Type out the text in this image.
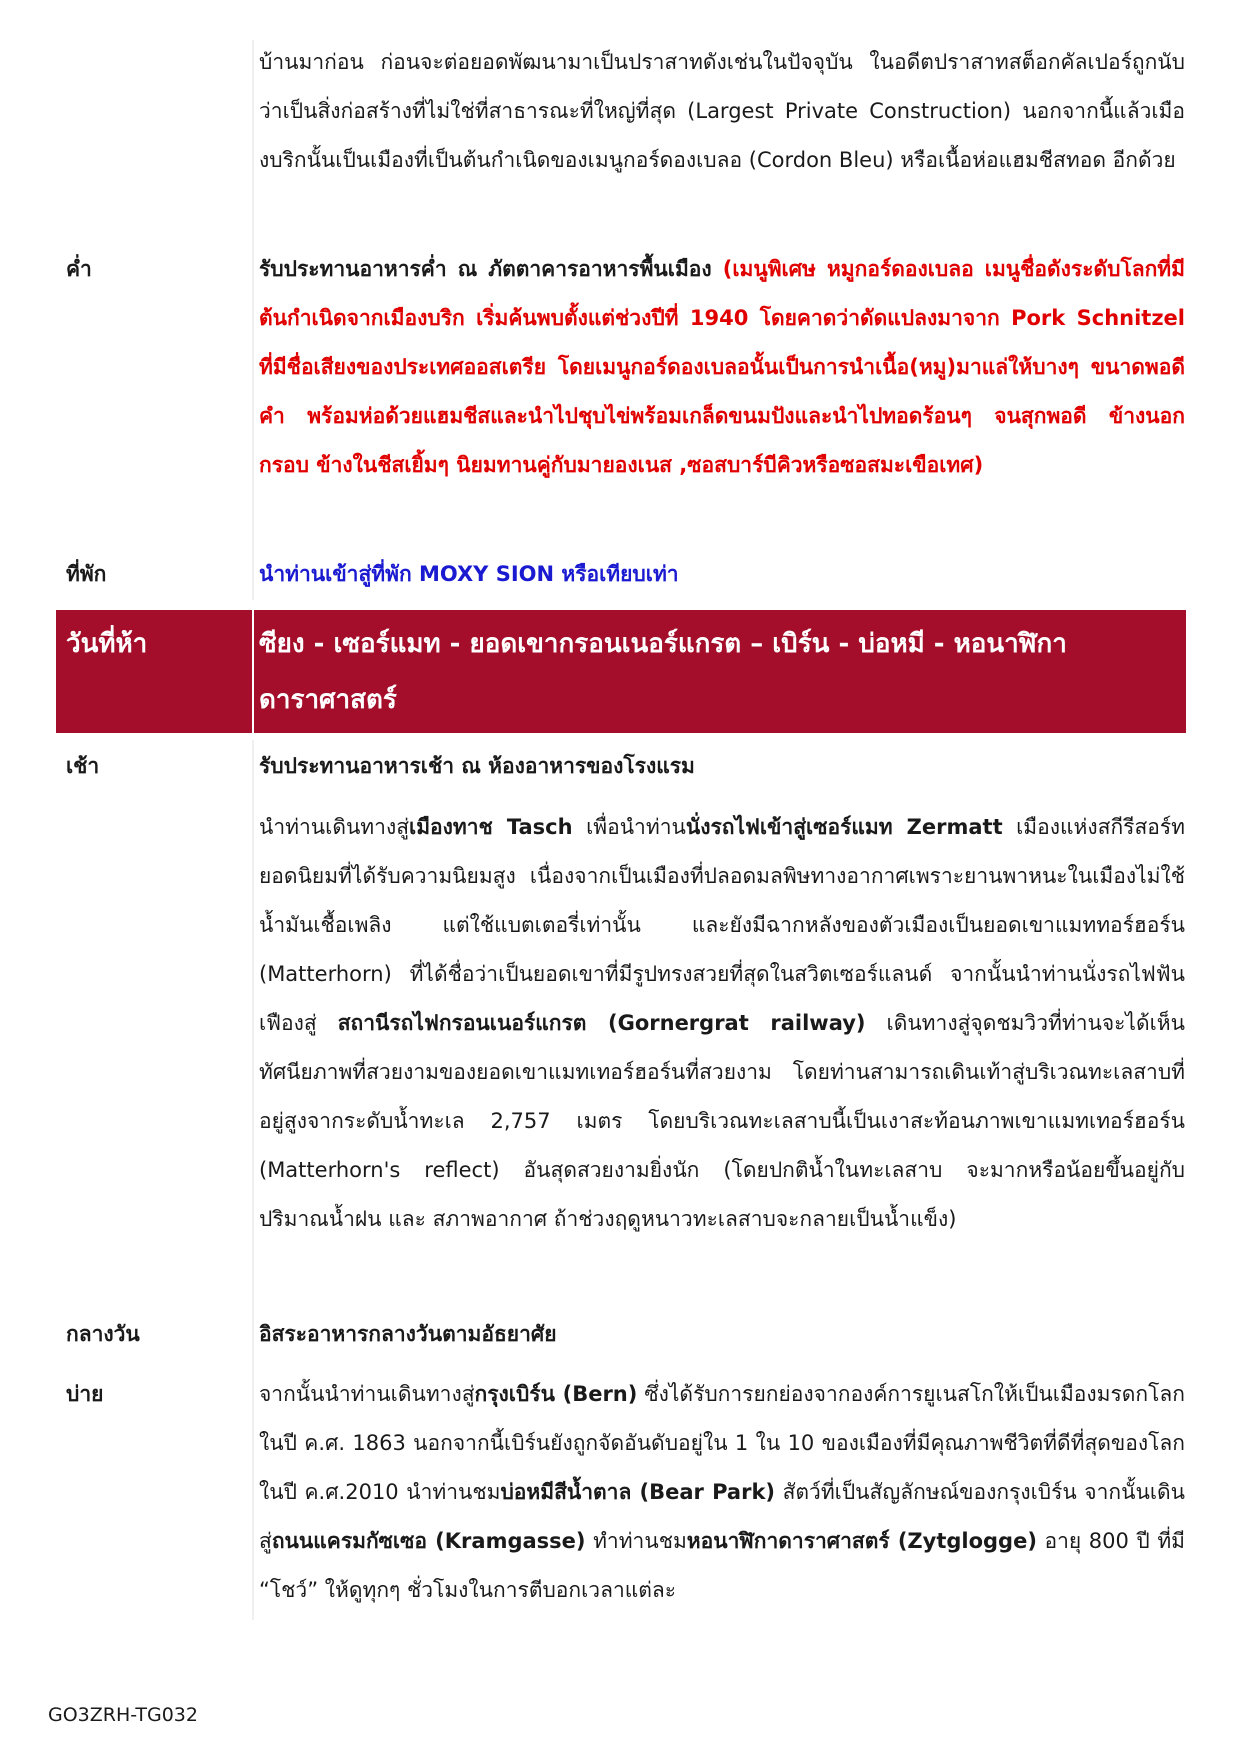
บ้านมาก่อน ก่อนจะต่อยอดพัฒนามาเป็นปราสาทดังเช่นในปัจจุบัน ในอดีตปราสาทสต็อกคัลเปอร์ถูกนับว่าเป็นสิ่งก่อสร้างที่ไม่ใช่ที่สาธารณะที่ใหญ่ที่สุด (Largest Private Construction) นอกจากนี้แล้วเมืองบริกนั้นเป็นเมืองที่เป็นต้นกำเนิดของเมนูกอร์ดองเบลอ (Cordon Bleu) หรือเนื้อห่อแฮมชีสทอด อีกด้วย
ค่ำ	รับประทานอาหารค่ำ ณ ภัตตาคารอาหารพื้นเมือง (เมนูพิเศษ หมูกอร์ดองเบลอ เมนูชื่อดังระดับโลกที่มีต้นกำเนิดจากเมืองบริก เริ่มค้นพบตั้งแต่ช่วงปีที่ 1940 โดยคาดว่าดัดแปลงมาจาก Pork Schnitzel ที่มีชื่อเสียงของประเทศออสเตรีย โดยเมนูกอร์ดองเบลอนั้นเป็นการนำเนื้อ(หมู)มาแล่ให้บางๆ ขนาดพอดีคำ พร้อมห่อด้วยแฮมชีสและนำไปชุบไข่พร้อมเกล็ดขนมปังและนำไปทอดร้อนๆ จนสุกพอดี ข้างนอกกรอบ ข้างในชีสเยิ้มๆ นิยมทานคู่กับมายองเนส ,ซอสบาร์บีคิวหรือซอสมะเขือเทศ)
ที่พัก	นำท่านเข้าสู่ที่พัก MOXY SION หรือเทียบเท่า
วันที่ห้า	ซียง - เซอร์แมท - ยอดเขากรอนเนอร์แกรต – เบิร์น - บ่อหมี - หอนาฬิกาดาราศาสตร์
เช้า	รับประทานอาหารเช้า ณ ห้องอาหารของโรงแรม

นำท่านเดินทางสู่เมืองทาช Tasch เพื่อนำท่านนั่งรถไฟเข้าสู่เซอร์แมท Zermatt เมืองแห่งสกีรีสอร์ท ยอดนิยมที่ได้รับความนิยมสูง เนื่องจากเป็นเมืองที่ปลอดมลพิษทางอากาศเพราะยานพาหนะในเมืองไม่ใช้น้ำมันเชื้อเพลิง แต่ใช้แบตเตอรี่เท่านั้น และยังมีฉากหลังของตัวเมืองเป็นยอดเขาแมททอร์ฮอร์น (Matterhorn) ที่ได้ชื่อว่าเป็นยอดเขาที่มีรูปทรงสวยที่สุดในสวิตเซอร์แลนด์ จากนั้นนำท่านนั่งรถไฟฟันเฟืองสู่ สถานีรถไฟกรอนเนอร์แกรต (Gornergrat railway) เดินทางสู่จุดชมวิวที่ท่านจะได้เห็นทัศนียภาพที่สวยงามของยอดเขาแมทเทอร์ฮอร์นที่สวยงาม โดยท่านสามารถเดินเท้าสู่บริเวณทะเลสาบที่อยู่สูงจากระดับน้ำทะเล 2,757 เมตร โดยบริเวณทะเลสาบนี้เป็นเงาสะท้อนภาพเขาแมทเทอร์ฮอร์น (Matterhorn's reflect) อันสุดสวยงามยิ่งนัก (โดยปกติน้ำในทะเลสาบ จะมากหรือน้อยขึ้นอยู่กับปริมาณน้ำฝน และ สภาพอากาศ ถ้าช่วงฤดูหนาวทะเลสาบจะกลายเป็นน้ำแข็ง)

กลางวัน	อิสระอาหารกลางวันตามอัธยาศัย
บ่าย	จากนั้นนำท่านเดินทางสู่กรุงเบิร์น (Bern) ซึ่งได้รับการยกย่องจากองค์การยูเนสโกให้เป็นเมืองมรดกโลกในปี ค.ศ. 1863 นอกจากนี้เบิร์นยังถูกจัดอันดับอยู่ใน 1 ใน 10 ของเมืองที่มีคุณภาพชีวิตที่ดีที่สุดของโลกในปี ค.ศ.2010 นำท่านชมบ่อหมีสีน้ำตาล (Bear Park) สัตว์ที่เป็นสัญลักษณ์ของกรุงเบิร์น จากนั้นเดินสู่ถนนแครมกัซเซอ (Kramgasse) ทำท่านชมหอนาฬิกาดาราศาสตร์ (Zytglogge) อายุ 800 ปี ที่มี “โชว์” ให้ดูทุกๆ ชั่วโมงในการตีบอกเวลาแต่ละ
GO3ZRH-TG032
